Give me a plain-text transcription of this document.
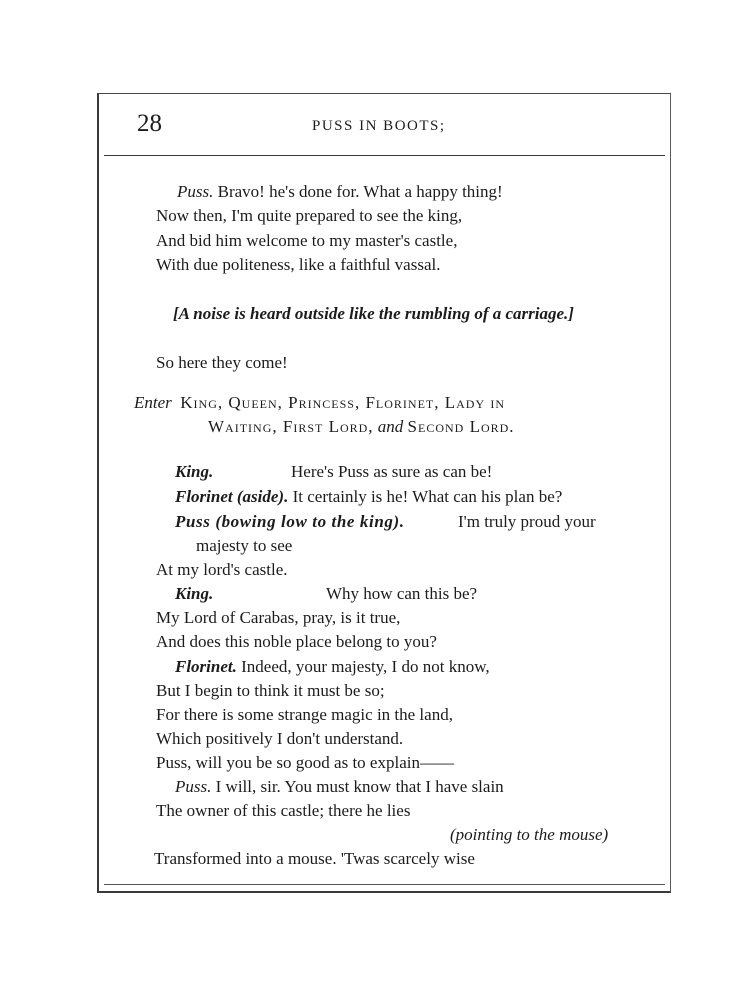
28	PUSS IN BOOTS;
Puss. Bravo! he's done for. What a happy thing!
Now then, I'm quite prepared to see the king,
And bid him welcome to my master's castle,
With due politeness, like a faithful vassal.
[A noise is heard outside like the rumbling of a carriage.]
So here they come!
Enter King, Queen, Princess, Florinet, Lady in
Waiting, First Lord, and Second Lord.
King.	Here's Puss as sure as can be!
Florinet (aside). It certainly is he! What can his plan be?
Puss (bowing low to the king).	I'm truly proud your
majesty to see
At my lord's castle.
King.	Why how can this be?
My Lord of Carabas, pray, is it true,
And does this noble place belong to you?
Florinet. Indeed, your majesty, I do not know,
But I begin to think it must be so;
For there is some strange magic in the land,
Which positively I don't understand.
Puss, will you be so good as to explain——
Puss. I will, sir. You must know that I have slain
The owner of this castle; there he lies
(pointing to the mouse)
Transformed into a mouse. 'Twas scarcely wise
